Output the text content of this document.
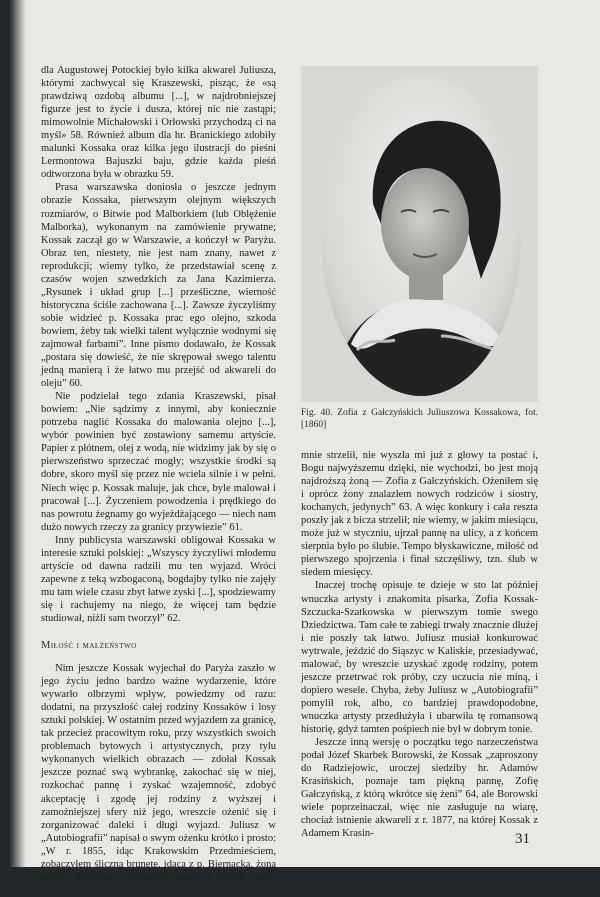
dla Augustowej Potockiej było kilka akwarel Juliusza, którymi zachwycał się Kraszewski, pisząc, że «są prawdziwą ozdobą albumu [...], w najdrobniejszej figurze jest to życie i dusza, której nic nie zastąpi; mimowolnie Michałowski i Orłowski przychodzą ci na myśl» 58. Również album dla hr. Branickiego zdobiły malunki Kossaka oraz kilka jego ilustracji do pieśni Lermontowa Bajuszki baju, gdzie każda pieśń odtworzona była w obrazku 59.

Prasa warszawska doniosła o jeszcze jednym obrazie Kossaka, pierwszym olejnym większych rozmiarów, o Bitwie pod Malborkiem (lub Oblężenie Malborka), wykonanym na zamówienie prywatne; Kossak zaczął go w Warszawie, a kończył w Paryżu. Obraz ten, niestety, nie jest nam znany, nawet z reprodukcji; wiemy tylko, że przedstawiał scenę z czasów wojen szwedzkich za Jana Kazimierza. „Rysunek i układ grup [...] prześliczne, wierność historyczna ściśle zachowana [...]. Zawsze życzyliśmy sobie widzieć p. Kossaka prac ego olejno, szkoda bowiem, żeby tak wielki talent wyłącznie wodnymi się zajmował farbami”. Inne pismo dodawało, że Kossak „postara się dowieść, że nie skrępował swego talentu jedną manierą i że łatwo mu przejść od akwareli do oleju” 60.

Nie podzielał tego zdania Kraszewski, pisał bowiem: „Nie sądzimy z innymi, aby koniecznie potrzeba naglić Kossaka do malowania olejno [...], wybór powinien być zostawiony samemu artyście. Papier z płótnem, olej z wodą, nie widzimy jak by się o pierwszeństwo sprzeczać mogły; wszystkie środki są dobre, skoro myśl się przez nie wciela silnie i w pełni. Niech więc p. Kossak maluje, jak chce, byle malował i pracował [...]. Życzeniem powodzenia i prędkiego do nas powrotu żegnamy go wyjeżdżającego — niech nam dużo nowych rzeczy za granicy przywiezie” 61.

Inny publicysta warszawski obligował Kossaka w interesie sztuki polskiej: „Wszyscy życzyliwi młodemu artyście od dawna radzili mu ten wyjazd. Wróci zapewne z teką wzbogaconą, bogdajby tylko nie zajęły mu tam wiele czasu zbyt łatwe zyski [...], spodziewamy się i rachujemy na niego, że więcej tam będzie studiował, niżli sam tworzył” 62.

Miłość i małżeństwo

Nim jeszcze Kossak wyjechał do Paryża zaszło w jego życiu jedno bardzo ważne wydarzenie, które wywarło olbrzymi wpływ, powiedzmy od razu: dodatni, na przyszłość całej rodziny Kossaków i losy sztuki polskiej. W ostatnim przed wyjazdem za granicę, tak przecież pracowitym roku, przy wszystkich swoich problemach bytowych i artystycznych, przy tylu wykonanych wielkich obrazach — zdołał Kossak jeszcze poznać swą wybrankę, zakochać się w niej, rozkochać pannę i zyskać wzajemność, zdobyć akceptację i zgodę jej rodziny z wyższej i zamożniejszej sfery niż jego, wreszcie ożenić się i zorganizować daleki i długi wyjazd. Juliusz w „Autobiografii” napisał o swym ożenku krótko i prosto: „W r. 1855, idąc Krakowskim Przedmieściem, zobaczyłem śliczną brunetę, idącą z p. Biernacką, żoną artysty skrzypka i przyjaciela jeszcze z Galicji. Jakby we

Fig. 40. Zofia z Gałczyńskich Juliuszowa Kossakowa, fot. [1860]

mnie strzelił, nie wyszła mi już z głowy ta postać i, Bogu najwyższemu dzięki, nie wychodzi, bo jest moją najdroższą żoną — Zofia z Gałczyńskich. Ożeniłem się i oprócz żony znalazłem nowych rodziców i siostry, kochanych, jedynych” 63. A więc konkury i cała reszta poszły jak z bicza strzelił; nie wiemy, w jakim miesiącu, może już w styczniu, ujrzał pannę na ulicy, a z końcem sierpnia było po ślubie. Tempo błyskawiczne, miłość od pierwszego spojrzenia i finał szczęśliwy, tzn. ślub w siedem miesięcy.

Inaczej trochę opisuje te dzieje w sto lat później wnuczka artysty i znakomita pisarka, Zofia Kossak-Szczucka-Szatkowska w pierwszym tomie swego Dziedzictwa. Tam całe te zabiegi trwały znacznie dłużej i nie poszły tak łatwo. Juliusz musiał konkurować wytrwale, jeździć do Siąszyc w Kaliskie, przesiadywać, malować, by wreszcie uzyskać zgodę rodziny, potem jeszcze przetrwać rok próby, czy uczucia nie miną, i dopiero wesele. Chyba, żeby Juliusz w „Autobiografii” pomylił rok, albo, co bardziej prawdopodobne, wnuczka artysty przedłużyła i ubarwiła tę romansową historię, gdyż tamten pośpiech nie był w dobrym tonie.

Jeszcze inną wersję o początku tego narzeczeństwa podał Józef Skarbek Borowski, że Kossak „zaproszony do Radziejowic, uroczej siedziby hr. Adamów Krasińskich, poznaje tam piękną pannę, Zofię Gałczyńską, z którą wkrótce się żeni” 64, ale Borowski wiele poprzeinaczał, więc nie zasługuje na wiarę, chociaż istnienie akwareli z r. 1877, na której Kossak z Adamem Krasin-	31
